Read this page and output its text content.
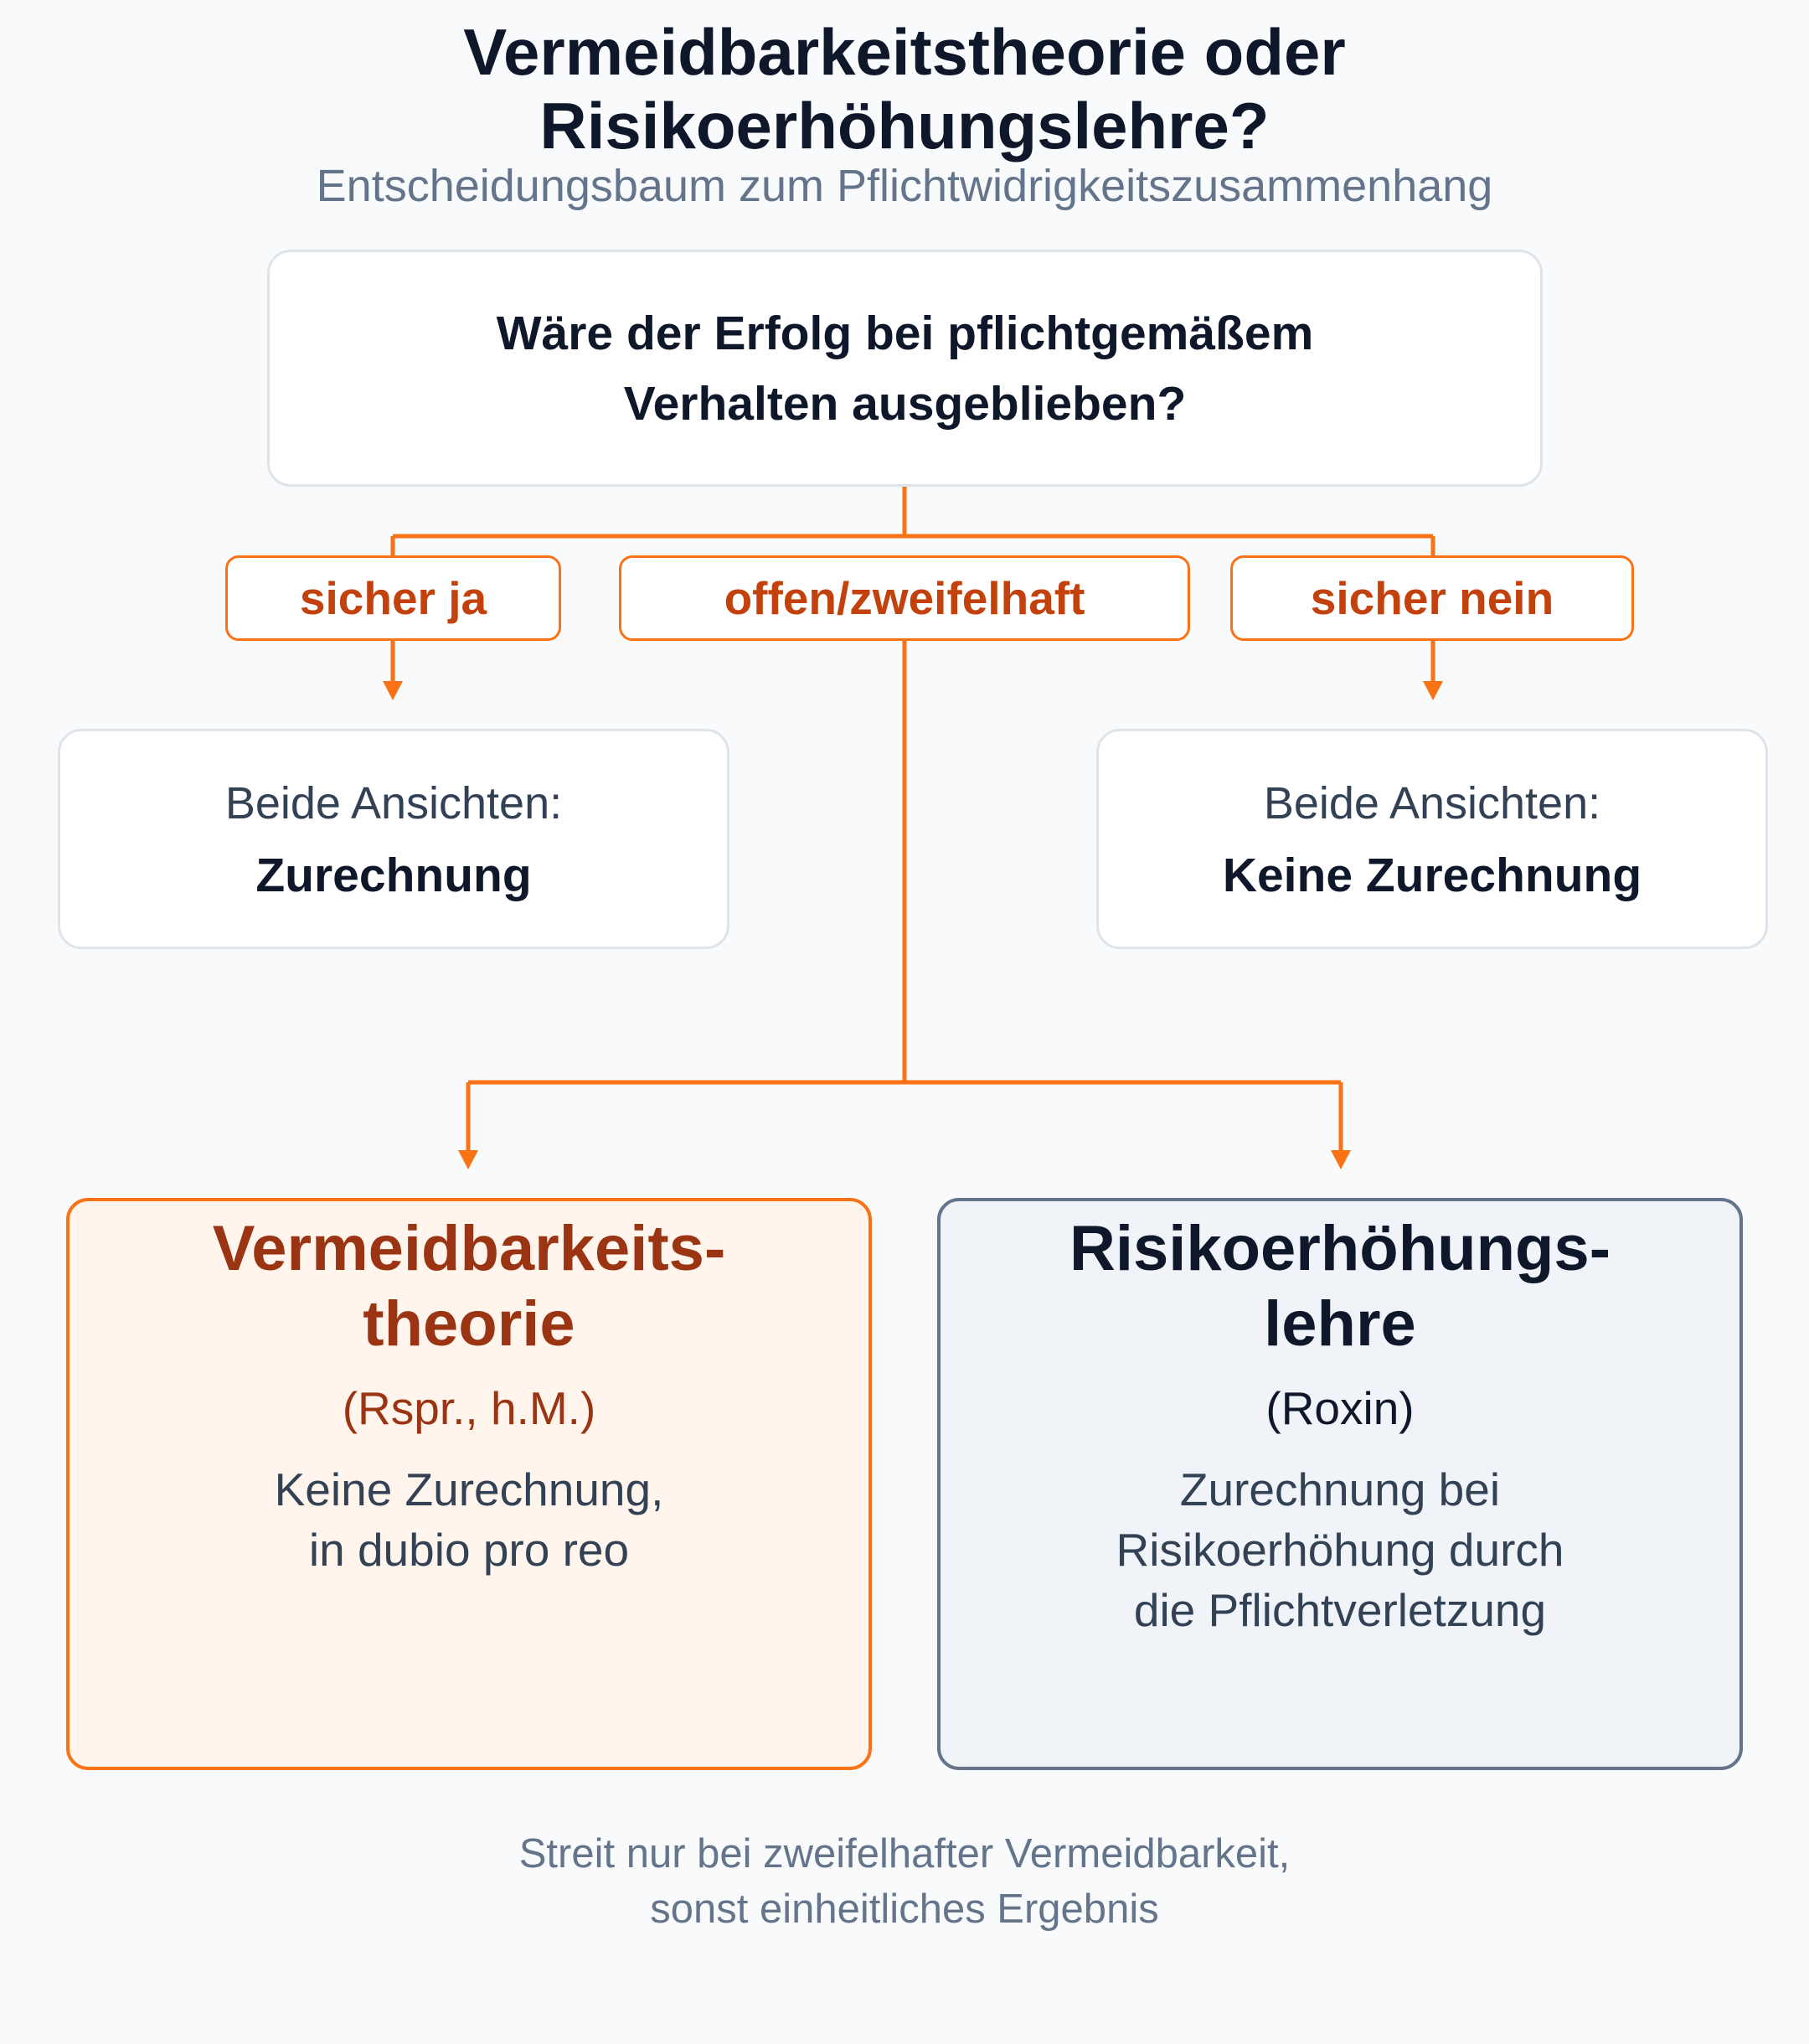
Vermeidbarkeitstheorie oder
Risikoerhöhungslehre?
Entscheidungsbaum zum Pflichtwidrigkeitszusammenhang
Wäre der Erfolg bei pflichtgemäßem
Verhalten ausgeblieben?
sicher ja	offen/zweifelhaft	sicher nein
Beide Ansichten:
Zurechnung
Beide Ansichten:
Keine Zurechnung
Vermeidbarkeits-
theorie
(Rspr., h.M.)
Keine Zurechnung,
in dubio pro reo
Risikoerhöhungs-
lehre
(Roxin)
Zurechnung bei
Risikoerhöhung durch
die Pflichtverletzung
Streit nur bei zweifelhafter Vermeidbarkeit,
sonst einheitliches Ergebnis
